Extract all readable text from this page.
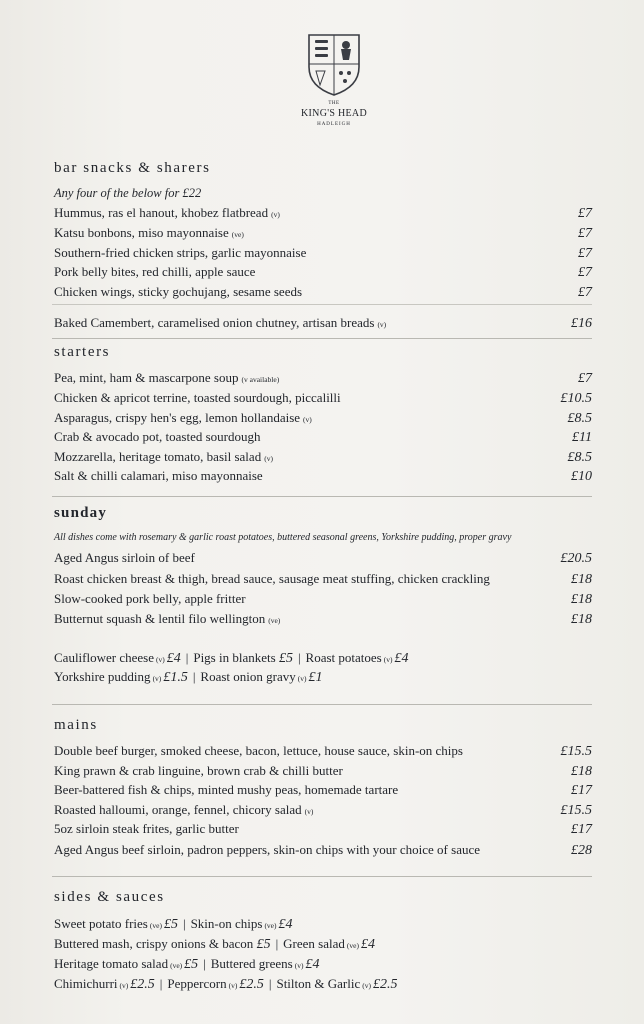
THE
KING'S HEAD
HADLEIGH
bar snacks & sharers
Any four of the below for £22
Hummus, ras el hanout, khobez flatbread (v)	£7
Katsu bonbons, miso mayonnaise (ve)	£7
Southern-fried chicken strips, garlic mayonnaise	£7
Pork belly bites, red chilli, apple sauce	£7
Chicken wings, sticky gochujang, sesame seeds	£7
Baked Camembert, caramelised onion chutney, artisan breads (v)	£16
starters
Pea, mint, ham & mascarpone soup (v available)	£7
Chicken & apricot terrine, toasted sourdough, piccalilli	£10.5
Asparagus, crispy hen's egg, lemon hollandaise (v)	£8.5
Crab & avocado pot, toasted sourdough	£11
Mozzarella, heritage tomato, basil salad (v)	£8.5
Salt & chilli calamari, miso mayonnaise	£10
sunday
All dishes come with rosemary & garlic roast potatoes, buttered seasonal greens, Yorkshire pudding, proper gravy
Aged Angus sirloin of beef	£20.5
Roast chicken breast & thigh, bread sauce, sausage meat stuffing, chicken crackling	£18
Slow-cooked pork belly, apple fritter	£18
Butternut squash & lentil filo wellington (ve)	£18
Cauliflower cheese (v) £4 | Pigs in blankets £5 | Roast potatoes (v) £4
Yorkshire pudding (v) £1.5 | Roast onion gravy (v) £1
mains
Double beef burger, smoked cheese, bacon, lettuce, house sauce, skin-on chips	£15.5
King prawn & crab linguine, brown crab & chilli butter	£18
Beer-battered fish & chips, minted mushy peas, homemade tartare	£17
Roasted halloumi, orange, fennel, chicory salad (v)	£15.5
5oz sirloin steak frites, garlic butter	£17
Aged Angus beef sirloin, padron peppers, skin-on chips with your choice of sauce	£28
sides & sauces
Sweet potato fries (ve) £5 | Skin-on chips (ve) £4
Buttered mash, crispy onions & bacon £5 | Green salad (ve) £4
Heritage tomato salad (ve) £5 | Buttered greens (v) £4
Chimichurri (v) £2.5 | Peppercorn (v) £2.5 | Stilton & Garlic (v) £2.5
